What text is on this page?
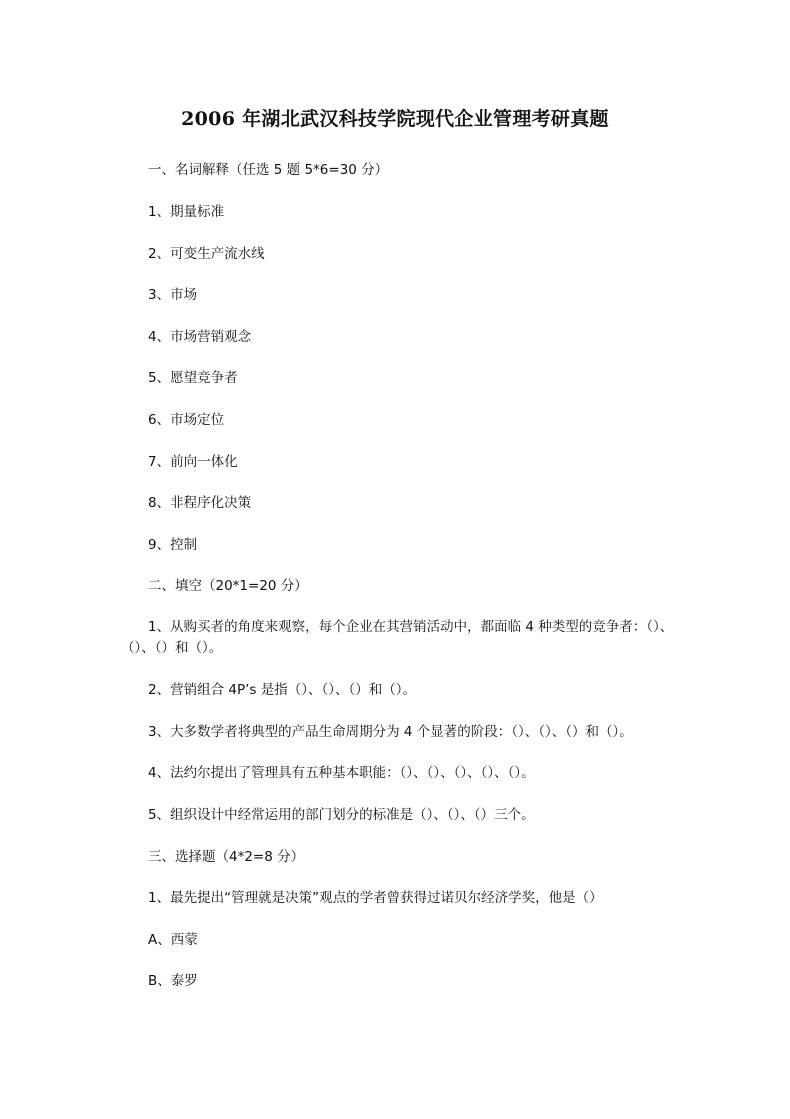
2006 年湖北武汉科技学院现代企业管理考研真题
一、名词解释（任选 5 题 5*6=30 分）
1、期量标准
2、可变生产流水线
3、市场
4、市场营销观念
5、愿望竞争者
6、市场定位
7、前向一体化
8、非程序化决策
9、控制
二、填空（20*1=20 分）
1、从购买者的角度来观察，每个企业在其营销活动中，都面临 4 种类型的竞争者：（）、（）、（）和（）。
2、营销组合 4P’s 是指（）、（）、（）和（）。
3、大多数学者将典型的产品生命周期分为 4 个显著的阶段：（）、（）、（）和（）。
4、法约尔提出了管理具有五种基本职能：（）、（）、（）、（）、（）。
5、组织设计中经常运用的部门划分的标准是（）、（）、（）三个。
三、选择题（4*2=8 分）
1、最先提出“管理就是决策”观点的学者曾获得过诺贝尔经济学奖，他是（）
A、西蒙
B、泰罗
